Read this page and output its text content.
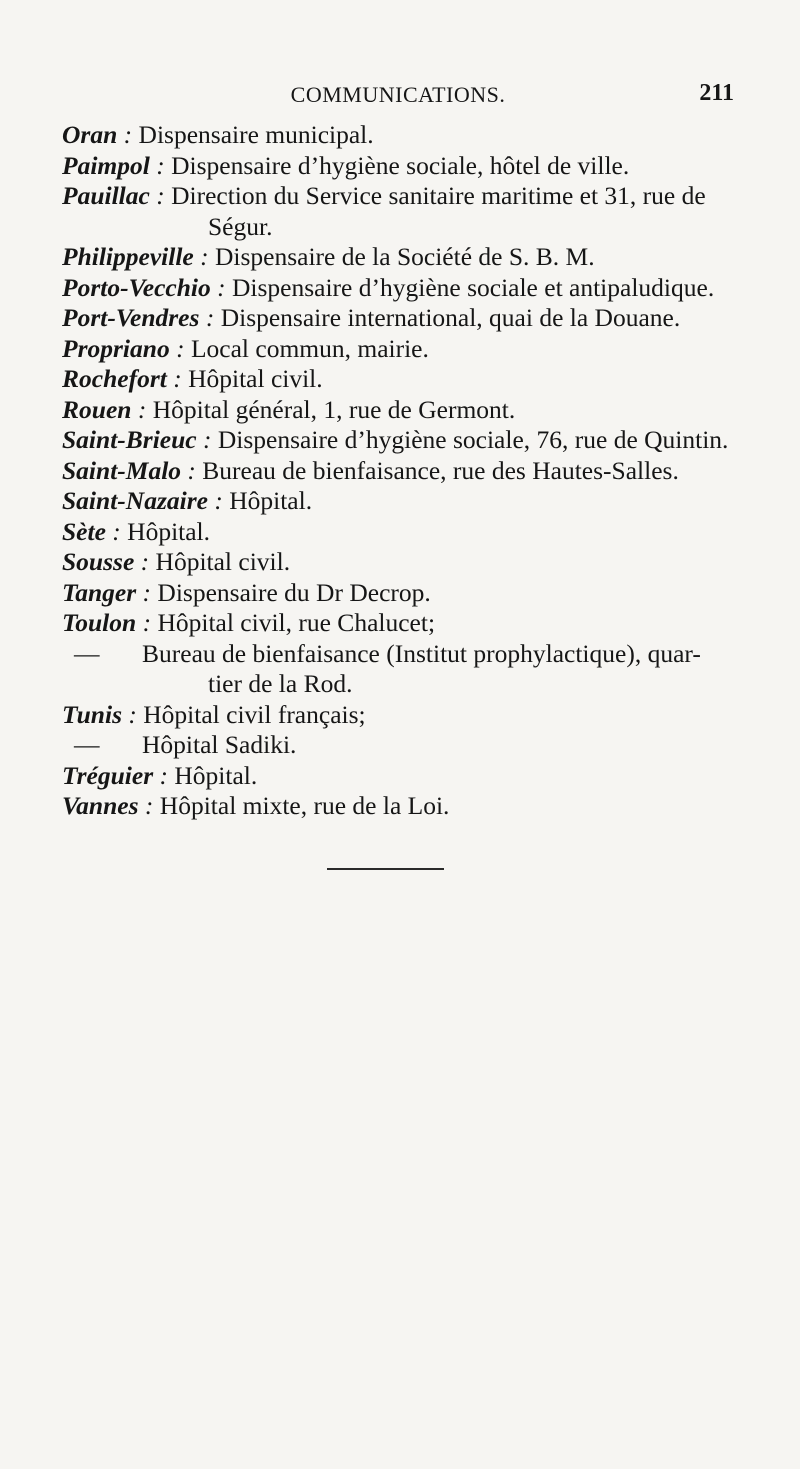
COMMUNICATIONS.	211
Oran : Dispensaire municipal.
Paimpol : Dispensaire d’hygiène sociale, hôtel de ville.
Pauillac : Direction du Service sanitaire maritime et 31, rue de
Ségur.
Philippeville : Dispensaire de la Société de S. B. M.
Porto-Vecchio : Dispensaire d’hygiène sociale et antipaludique.
Port-Vendres : Dispensaire international, quai de la Douane.
Propriano : Local commun, mairie.
Rochefort : Hôpital civil.
Rouen : Hôpital général, 1, rue de Germont.
Saint-Brieuc : Dispensaire d’hygiène sociale, 76, rue de Quintin.
Saint-Malo : Bureau de bienfaisance, rue des Hautes-Salles.
Saint-Nazaire : Hôpital.
Sète : Hôpital.
Sousse : Hôpital civil.
Tanger : Dispensaire du Dr Decrop.
Toulon : Hôpital civil, rue Chalucet;
— Bureau de bienfaisance (Institut prophylactique), quar-
tier de la Rod.
Tunis : Hôpital civil français;
— Hôpital Sadiki.
Tréguier : Hôpital.
Vannes : Hôpital mixte, rue de la Loi.
